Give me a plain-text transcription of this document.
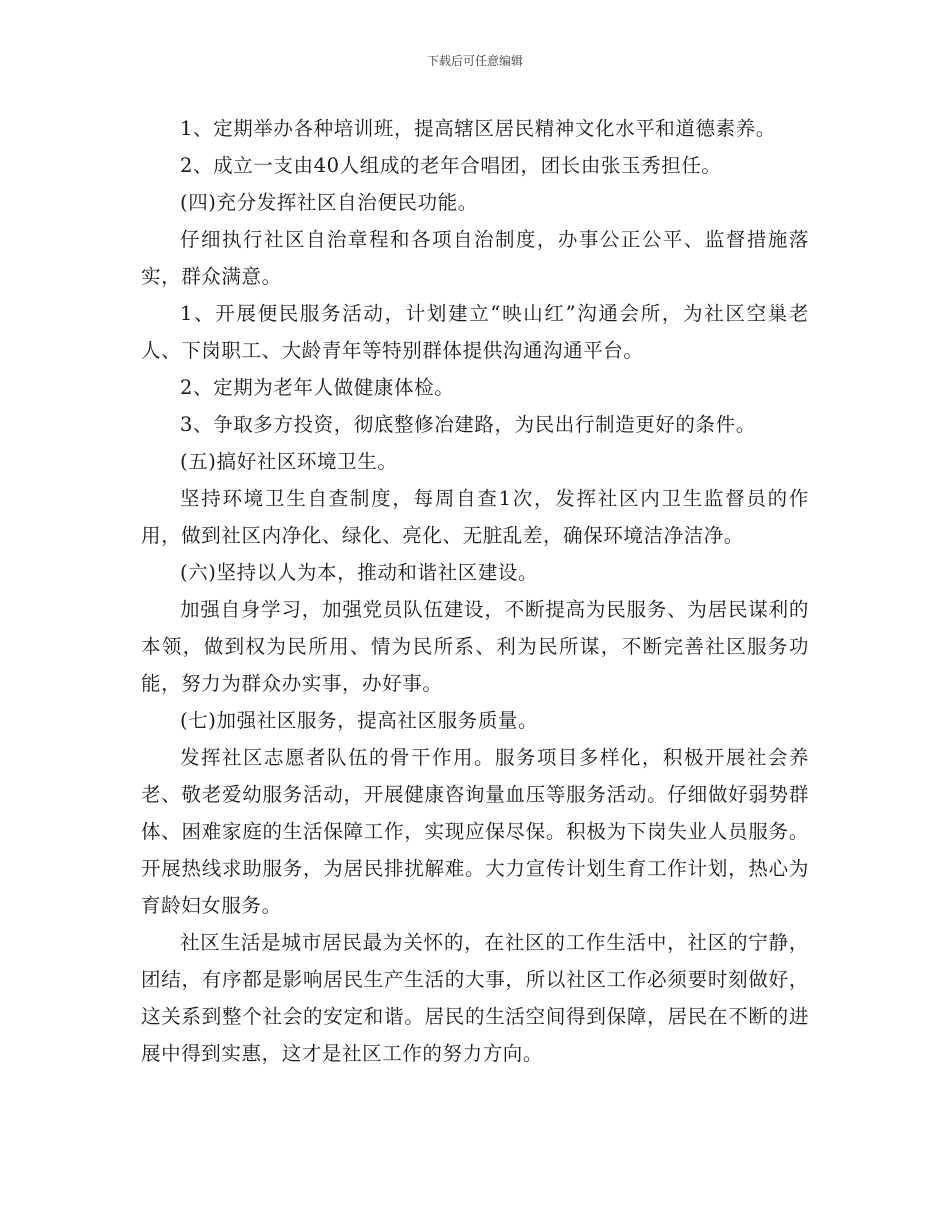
下载后可任意编辑

1、定期举办各种培训班，提高辖区居民精神文化水平和道德素养。

2、成立一支由40人组成的老年合唱团，团长由张玉秀担任。

(四)充分发挥社区自治便民功能。

仔细执行社区自治章程和各项自治制度，办事公正公平、监督措施落实，群众满意。

1、开展便民服务活动，计划建立“映山红”沟通会所，为社区空巢老人、下岗职工、大龄青年等特别群体提供沟通沟通平台。

2、定期为老年人做健康体检。

3、争取多方投资，彻底整修冶建路，为民出行制造更好的条件。

(五)搞好社区环境卫生。

坚持环境卫生自查制度，每周自查1次，发挥社区内卫生监督员的作用，做到社区内净化、绿化、亮化、无脏乱差，确保环境洁净洁净。

(六)坚持以人为本，推动和谐社区建设。

加强自身学习，加强党员队伍建设，不断提高为民服务、为居民谋利的本领，做到权为民所用、情为民所系、利为民所谋，不断完善社区服务功能，努力为群众办实事，办好事。

(七)加强社区服务，提高社区服务质量。

发挥社区志愿者队伍的骨干作用。服务项目多样化，积极开展社会养老、敬老爱幼服务活动，开展健康咨询量血压等服务活动。仔细做好弱势群体、困难家庭的生活保障工作，实现应保尽保。积极为下岗失业人员服务。开展热线求助服务，为居民排扰解难。大力宣传计划生育工作计划，热心为育龄妇女服务。

社区生活是城市居民最为关怀的，在社区的工作生活中，社区的宁静，团结，有序都是影响居民生产生活的大事，所以社区工作必须要时刻做好，这关系到整个社会的安定和谐。居民的生活空间得到保障，居民在不断的进展中得到实惠，这才是社区工作的努力方向。
